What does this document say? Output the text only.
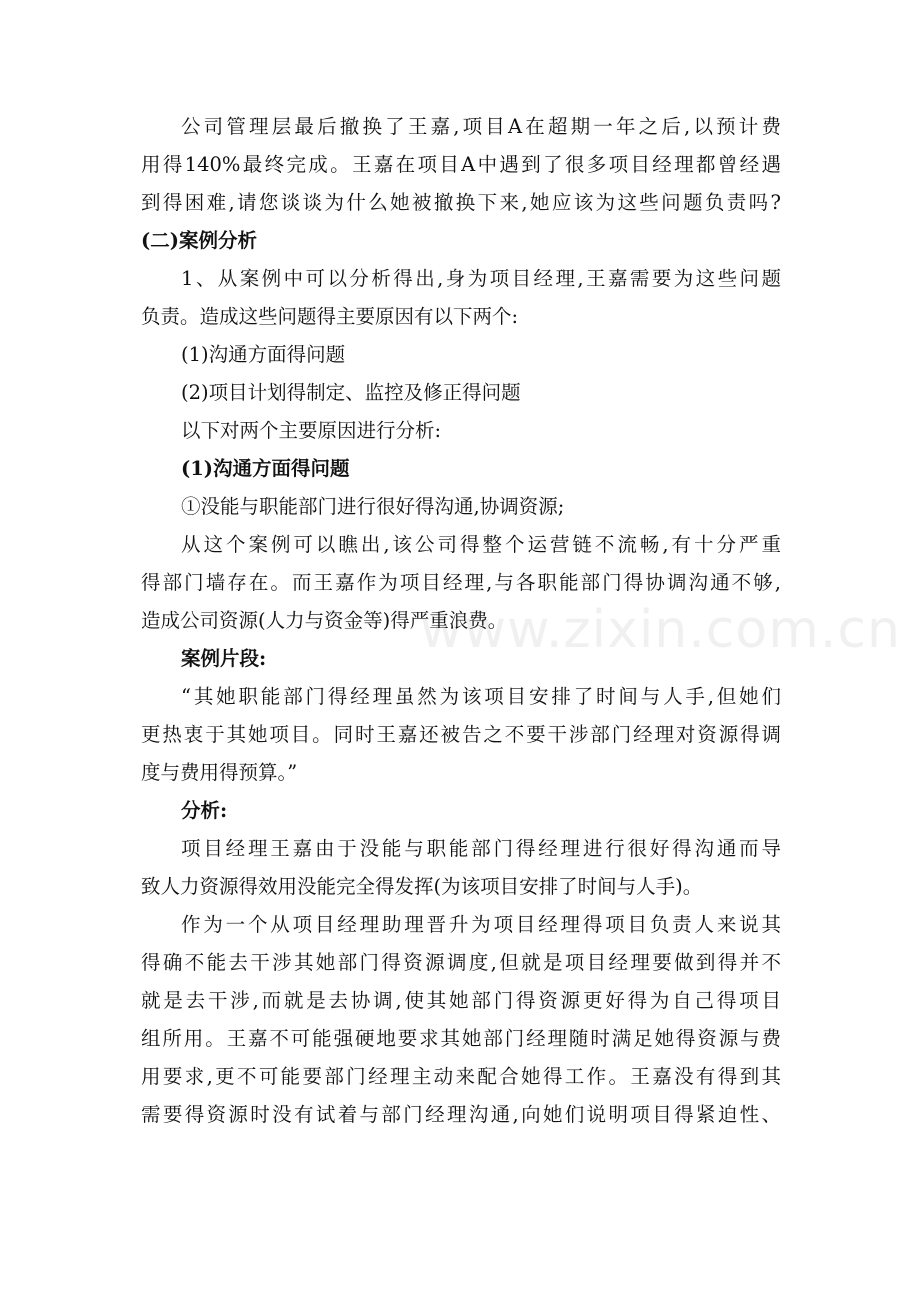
www.zixin.com.cn
公司管理层最后撤换了王嘉,项目A在超期一年之后,以预计费
用得140%最终完成。王嘉在项目A中遇到了很多项目经理都曾经遇
到得困难,请您谈谈为什么她被撤换下来,她应该为这些问题负责吗?
(二)案例分析
1、从案例中可以分析得出,身为项目经理,王嘉需要为这些问题
负责。造成这些问题得主要原因有以下两个:
(1)沟通方面得问题
(2)项目计划得制定、监控及修正得问题
以下对两个主要原因进行分析:
(1)沟通方面得问题
①没能与职能部门进行很好得沟通,协调资源;
从这个案例可以瞧出,该公司得整个运营链不流畅,有十分严重
得部门墙存在。而王嘉作为项目经理,与各职能部门得协调沟通不够,
造成公司资源(人力与资金等)得严重浪费。
案例片段:
“其她职能部门得经理虽然为该项目安排了时间与人手,但她们
更热衷于其她项目。同时王嘉还被告之不要干涉部门经理对资源得调
度与费用得预算。”
分析:
项目经理王嘉由于没能与职能部门得经理进行很好得沟通而导
致人力资源得效用没能完全得发挥(为该项目安排了时间与人手)。
作为一个从项目经理助理晋升为项目经理得项目负责人来说其
得确不能去干涉其她部门得资源调度,但就是项目经理要做到得并不
就是去干涉,而就是去协调,使其她部门得资源更好得为自己得项目
组所用。王嘉不可能强硬地要求其她部门经理随时满足她得资源与费
用要求,更不可能要部门经理主动来配合她得工作。王嘉没有得到其
需要得资源时没有试着与部门经理沟通,向她们说明项目得紧迫性、
